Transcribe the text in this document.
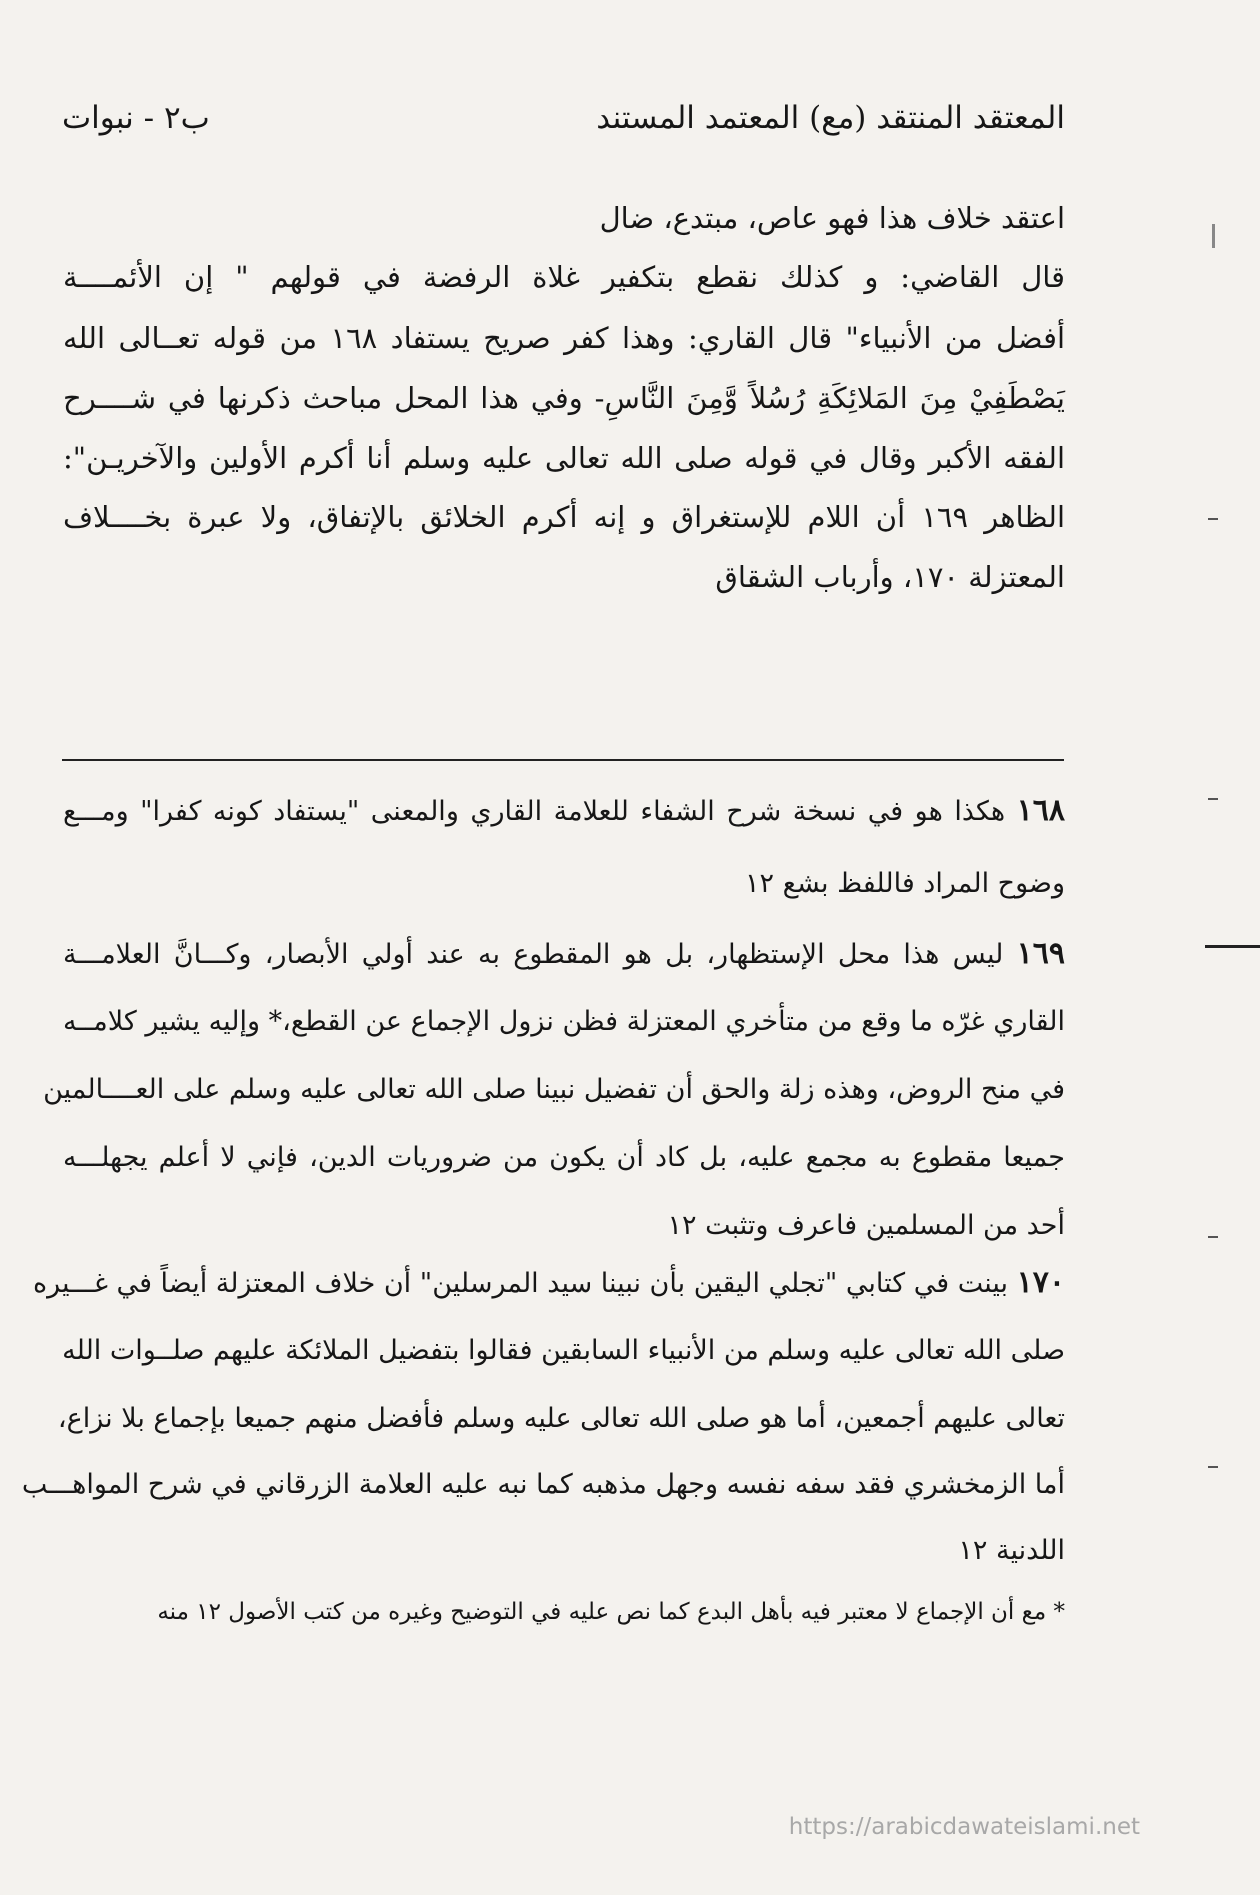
المعتقد المنتقد (مع) المعتمد المستند
ب٢ - نبوات
اعتقد خلاف هذا فهو عاص، مبتدع، ضال
قال القاضي: و كذلك نقطع بتكفير غلاة الرفضة في قولهم " إن الأئمــــة
أفضل من الأنبياء" قال القاري: وهذا كفر صريح يستفاد ١٦٨ من قوله تعــالى الله
يَصْطَفِيْ مِنَ المَلائِكَةِ رُسُلاً وَّمِنَ النَّاسِ- وفي هذا المحل مباحث ذكرنها في شــــرح
الفقه الأكبر وقال في قوله صلى الله تعالى عليه وسلم أنا أكرم الأولين والآخريـن":
الظاهر ١٦٩ أن اللام للإستغراق و إنه أكرم الخلائق بالإتفاق، ولا عبرة بخــــلاف
المعتزلة ١٧٠، وأرباب الشقاق
١٦٨ هكذا هو في نسخة شرح الشفاء للعلامة القاري والمعنى "يستفاد كونه كفرا" ومـــع
وضوح المراد فاللفظ بشع ١٢
١٦٩ ليس هذا محل الإستظهار، بل هو المقطوع به عند أولي الأبصار، وكـــانَّ العلامـــة
القاري غرّه ما وقع من متأخري المعتزلة فظن نزول الإجماع عن القطع،* وإليه يشير كلامــه
في منح الروض، وهذه زلة والحق أن تفضيل نبينا صلى الله تعالى عليه وسلم على العــــالمين
جميعا مقطوع به مجمع عليه، بل كاد أن يكون من ضروريات الدين، فإني لا أعلم يجهلـــه
أحد من المسلمين فاعرف وتثبت ١٢
١٧٠ بينت في كتابي "تجلي اليقين بأن نبينا سيد المرسلين" أن خلاف المعتزلة أيضاً في غـــيره
صلى الله تعالى عليه وسلم من الأنبياء السابقين فقالوا بتفضيل الملائكة عليهم صلــوات الله
تعالى عليهم أجمعين، أما هو صلى الله تعالى عليه وسلم فأفضل منهم جميعا بإجماع بلا نزاع،
أما الزمخشري فقد سفه نفسه وجهل مذهبه كما نبه عليه العلامة الزرقاني في شرح المواهـــب
اللدنية ١٢
* مع أن الإجماع لا معتبر فيه بأهل البدع كما نص عليه في التوضيح وغيره من كتب الأصول ١٢ منه
https://arabicdawateislami.net
